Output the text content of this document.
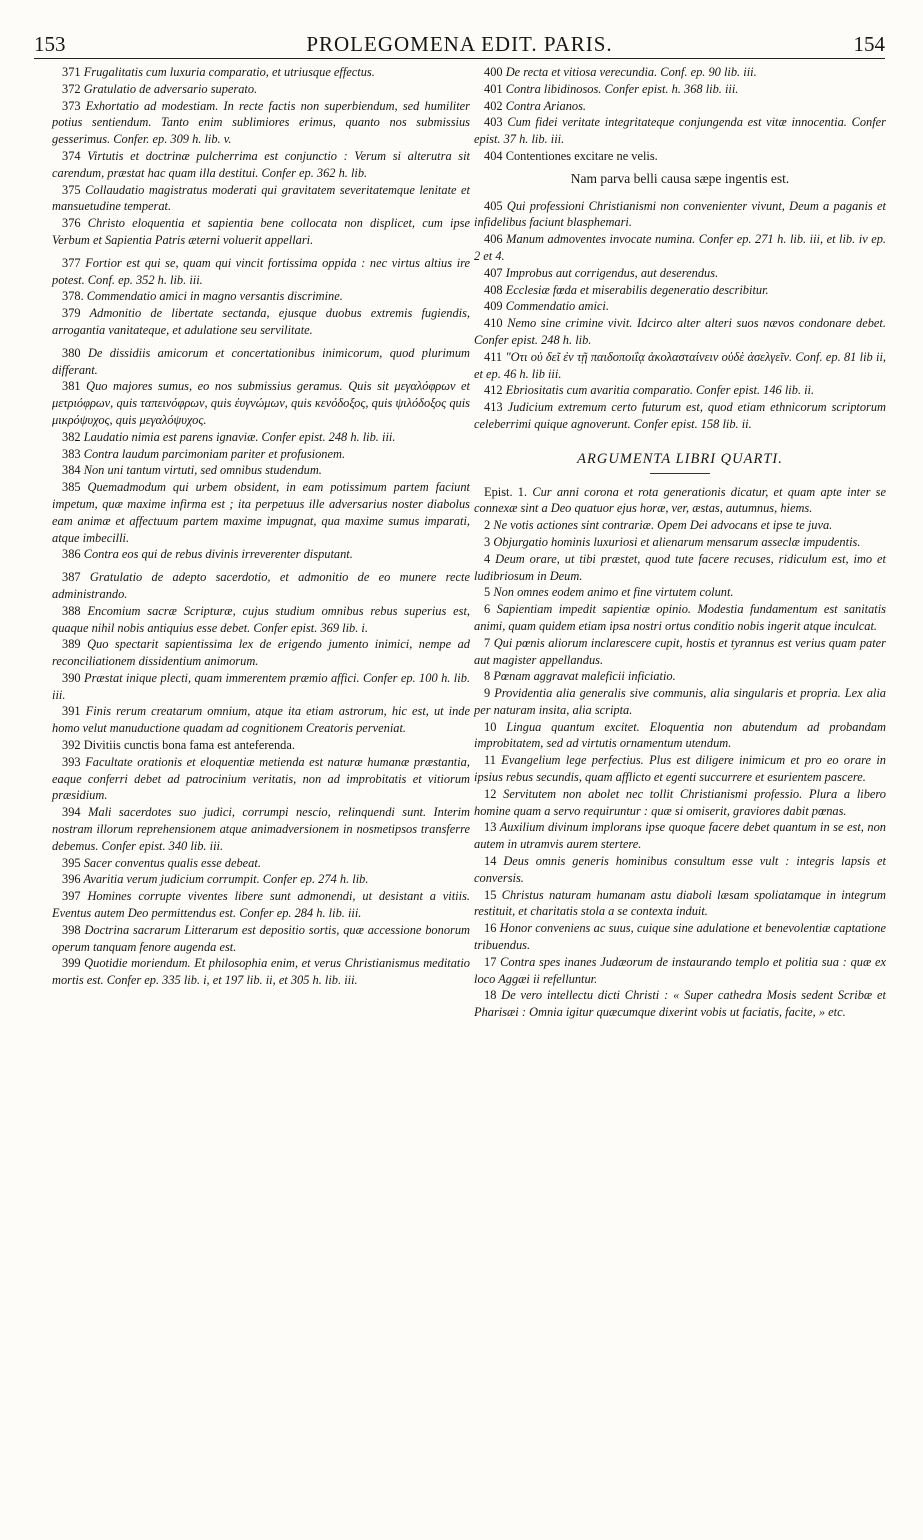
153	PROLEGOMENA EDIT. PARIS.	154

371 Frugalitatis cum luxuria comparatio, et utriusque effectus.

372 Gratulatio de adversario superato.

373 Exhortatio ad modestiam. In recte factis non superbiendum, sed humiliter potius sentiendum. Tanto enim sublimiores erimus, quanto nos submissius gesserimus. Confer. ep. 309 h. lib. v.

374 Virtutis et doctrinæ pulcherrima est conjunctio : Verum si alterutra sit carendum, præstat hac quam illa destitui. Confer ep. 362 h. lib.

375 Collaudatio magistratus moderati qui gravitatem severitatemque lenitate et mansuetudine temperat.

376 Christo eloquentia et sapientia bene collocata non displicet, cum ipse Verbum et Sapientia Patris æterni voluerit appellari.

377 Fortior est qui se, quam qui vincit fortissima oppida : nec virtus altius ire potest. Conf. ep. 352 h. lib. iii.

378. Commendatio amici in magno versantis discrimine.

379 Admonitio de libertate sectanda, ejusque duobus extremis fugiendis, arrogantia vanitateque, et adulatione seu servilitate.

380 De dissidiis amicorum et concertationibus inimicorum, quod plurimum differant.

381 Quo majores sumus, eo nos submissius geramus. Quis sit μεγαλόφρων et μετριόφρων, quis ταπεινόφρων, quis ἐυγνώμων, quis κενόδοξος, quis ψιλόδοξος quis μικρόψυχος, quis μεγαλόψυχος.

382 Laudatio nimia est parens ignaviæ. Confer epist. 248 h. lib. iii.

383 Contra laudum parcimoniam pariter et profusionem.

384 Non uni tantum virtuti, sed omnibus studendum.

385 Quemadmodum qui urbem obsident, in eam potissimum partem faciunt impetum, quæ maxime infirma est ; ita perpetuus ille adversarius noster diabolus eam animæ et affectuum partem maxime impugnat, qua maxime sumus imparati, atque imbecilli.

386 Contra eos qui de rebus divinis irreverenter disputant.

387 Gratulatio de adepto sacerdotio, et admonitio de eo munere recte administrando.

388 Encomium sacræ Scripturæ, cujus studium omnibus rebus superius est, quaque nihil nobis antiquius esse debet. Confer epist. 369 lib. i.

389 Quo spectarit sapientissima lex de erigendo jumento inimici, nempe ad reconciliationem dissidentium animorum.

390 Præstat inique plecti, quam immerentem præmio affici. Confer ep. 100 h. lib. iii.

391 Finis rerum creatarum omnium, atque ita etiam astrorum, hic est, ut inde homo velut manuductione quadam ad cognitionem Creatoris perveniat.

392 Divitiis cunctis bona fama est anteferenda.

393 Facultate orationis et eloquentiæ metienda est naturæ humanæ præstantia, eaque conferri debet ad patrocinium veritatis, non ad improbitatis et vitiorum præsidium.

394 Mali sacerdotes suo judici, corrumpi nescio, relinquendi sunt. Interim nostram illorum reprehensionem atque animadversionem in nosmetipsos transferre debemus. Confer epist. 340 lib. iii.

395 Sacer conventus qualis esse debeat.

396 Avaritia verum judicium corrumpit. Confer ep. 274 h. lib.

397 Homines corrupte viventes libere sunt admonendi, ut desistant a vitiis. Eventus autem Deo permittendus est. Confer ep. 284 h. lib. iii.

398 Doctrina sacrarum Litterarum est depositio sortis, quæ accessione bonorum operum tanquam fenore augenda est.

399 Quotidie moriendum. Et philosophia enim, et verus Christianismus meditatio mortis est. Confer ep. 335 lib. i, et 197 lib. ii, et 305 h. lib. iii.

400 De recta et vitiosa verecundia. Conf. ep. 90 lib. iii.

401 Contra libidinosos. Confer epist. h. 368 lib. iii.

402 Contra Arianos.

403 Cum fidei veritate integritateque conjungenda est vitæ innocentia. Confer epist. 37 h. lib. iii.

404 Contentiones excitare ne velis.

Nam parva belli causa sæpe ingentis est.

405 Qui professioni Christianismi non convenienter vivunt, Deum a paganis et infidelibus faciunt blasphemari.

406 Manum admoventes invocate numina. Confer ep. 271 h. lib. iii, et lib. iv ep. 2 et 4.

407 Improbus aut corrigendus, aut deserendus.

408 Ecclesiæ fœda et miserabilis degeneratio describitur.

409 Commendatio amici.

410 Nemo sine crimine vivit. Idcirco alter alteri suos nævos condonare debet. Confer epist. 248 h. lib.

411 "Οτι οὐ δεῖ ἐν τῇ παιδοποιΐᾳ ἀκολασταίνειν οὐδὲ ἀσελγεῖν. Conf. ep. 81 lib ii, et ep. 46 h. lib iii.

412 Ebriositatis cum avaritia comparatio. Confer epist. 146 lib. ii.

413 Judicium extremum certo futurum est, quod etiam ethnicorum scriptorum celeberrimi quique agnoverunt. Confer epist. 158 lib. ii.

ARGUMENTA LIBRI QUARTI.

Epist. 1. Cur anni corona et rota generationis dicatur, et quam apte inter se connexæ sint a Deo quatuor ejus horæ, ver, æstas, autumnus, hiems.

2 Ne votis actiones sint contrariæ. Opem Dei advocans et ipse te juva.

3 Objurgatio hominis luxuriosi et alienarum mensarum asseclæ impudentis.

4 Deum orare, ut tibi præstet, quod tute facere recuses, ridiculum est, imo et ludibriosum in Deum.

5 Non omnes eodem animo et fine virtutem colunt.

6 Sapientiam impedit sapientiæ opinio. Modestia fundamentum est sanitatis animi, quam quidem etiam ipsa nostri ortus conditio nobis ingerit atque inculcat.

7 Qui pœnis aliorum inclarescere cupit, hostis et tyrannus est verius quam pater aut magister appellandus.

8 Pœnam aggravat maleficii inficiatio.

9 Providentia alia generalis sive communis, alia singularis et propria. Lex alia per naturam insita, alia scripta.

10 Lingua quantum excitet. Eloquentia non abutendum ad probandam improbitatem, sed ad virtutis ornamentum utendum.

11 Evangelium lege perfectius. Plus est diligere inimicum et pro eo orare in ipsius rebus secundis, quam afflicto et egenti succurrere et esurientem pascere.

12 Servitutem non abolet nec tollit Christianismi professio. Plura a libero homine quam a servo requiruntur : quæ si omiserit, graviores dabit pœnas.

13 Auxilium divinum implorans ipse quoque facere debet quantum in se est, non autem in utramvis aurem stertere.

14 Deus omnis generis hominibus consultum esse vult : integris lapsis et conversis.

15 Christus naturam humanam astu diaboli læsam spoliatamque in integrum restituit, et charitatis stola a se contexta induit.

16 Honor conveniens ac suus, cuique sine adulatione et benevolentiæ captatione tribuendus.

17 Contra spes inanes Judæorum de instaurando templo et politia sua : quæ ex loco Aggæi ii refelluntur.

18 De vero intellectu dicti Christi : « Super cathedra Mosis sedent Scribæ et Pharisæi : Omnia igitur quæcumque dixerint vobis ut faciatis, facite, » etc.
